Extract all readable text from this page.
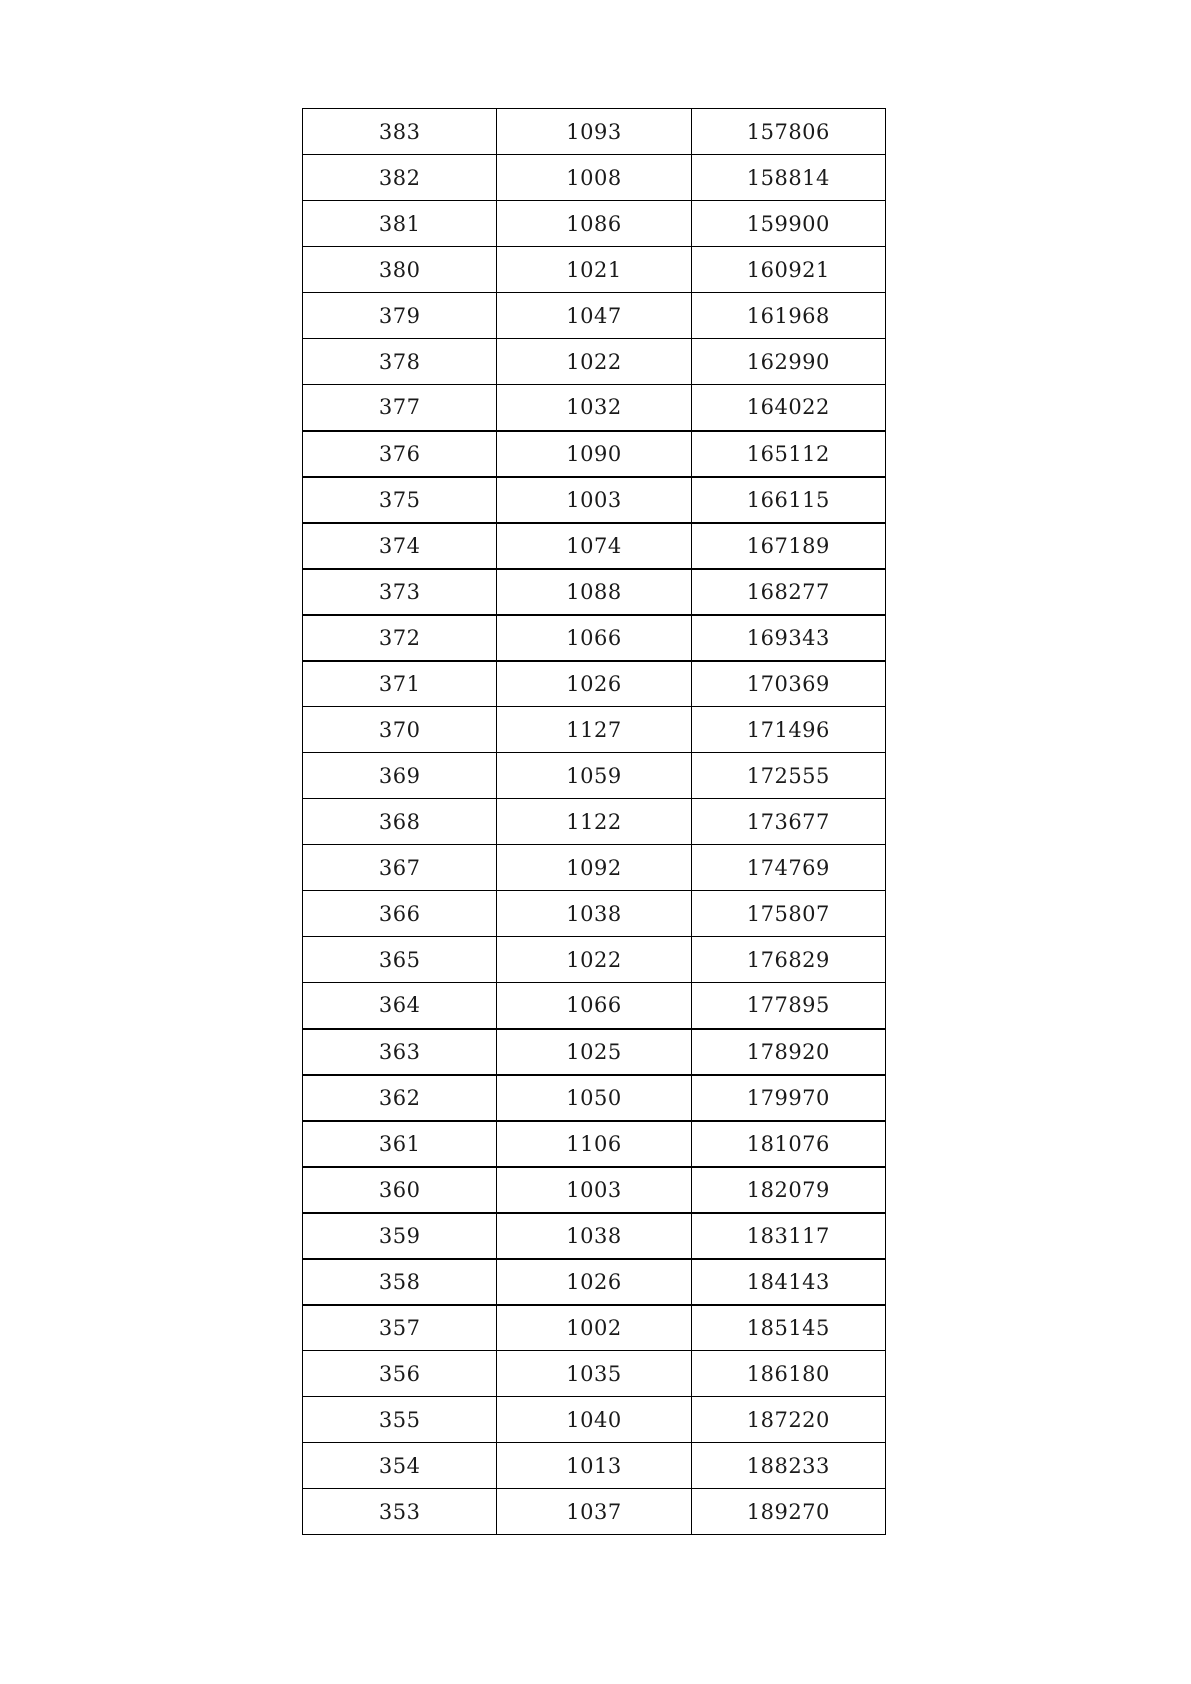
383	1093	157806
382	1008	158814
381	1086	159900
380	1021	160921
379	1047	161968
378	1022	162990
377	1032	164022
376	1090	165112
375	1003	166115
374	1074	167189
373	1088	168277
372	1066	169343
371	1026	170369
370	1127	171496
369	1059	172555
368	1122	173677
367	1092	174769
366	1038	175807
365	1022	176829
364	1066	177895
363	1025	178920
362	1050	179970
361	1106	181076
360	1003	182079
359	1038	183117
358	1026	184143
357	1002	185145
356	1035	186180
355	1040	187220
354	1013	188233
353	1037	189270
